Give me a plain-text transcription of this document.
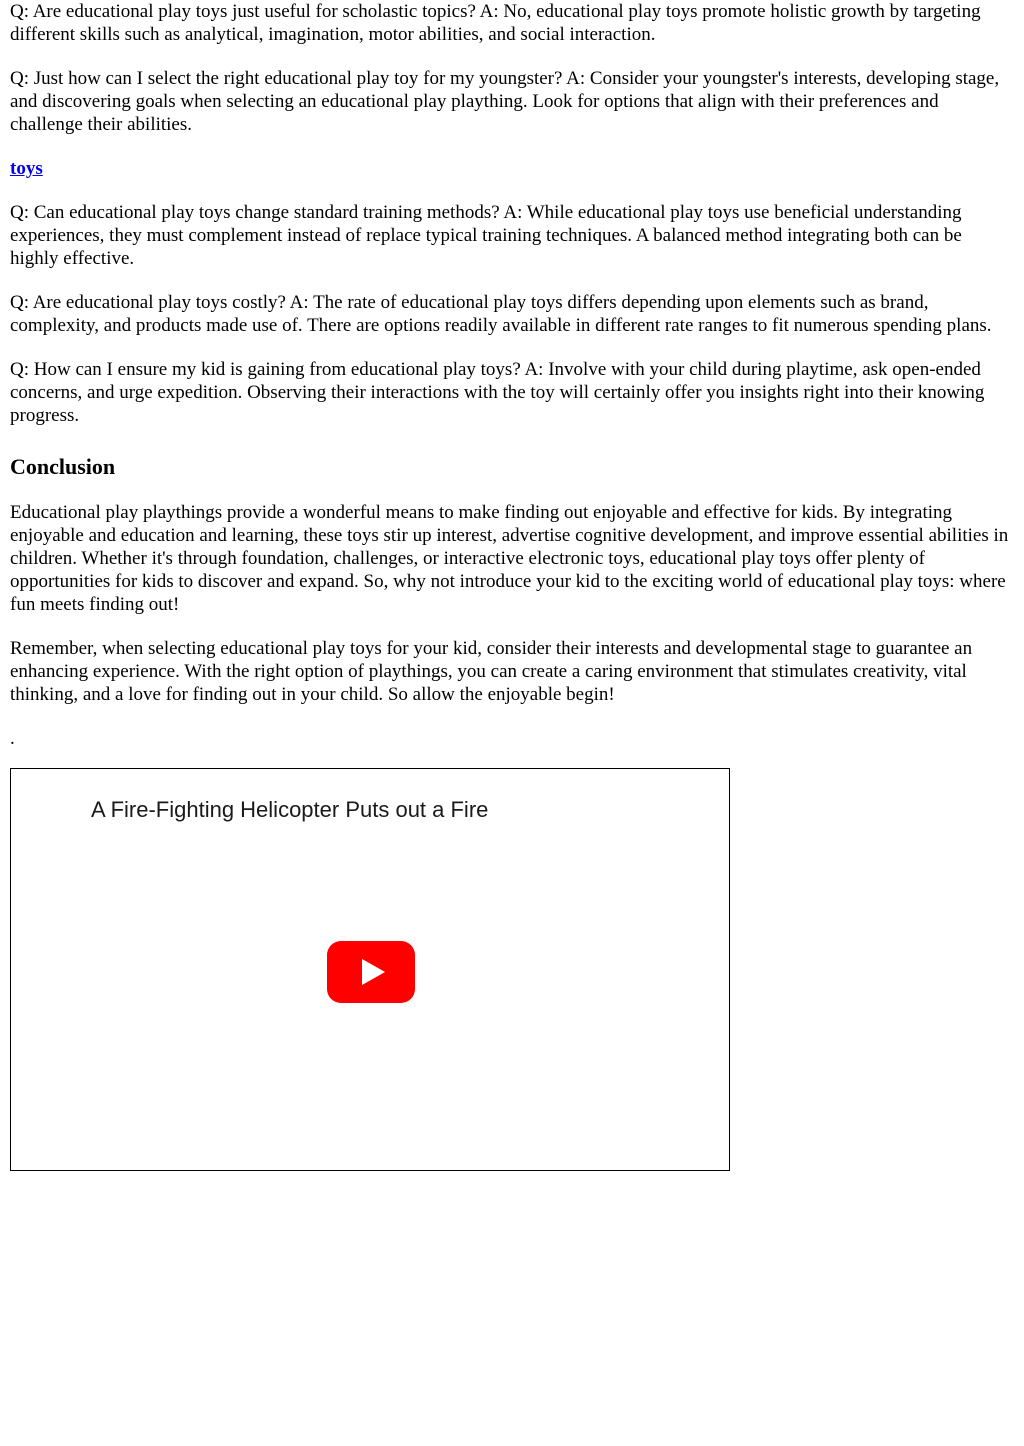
Q: Are educational play toys just useful for scholastic topics? A: No, educational play toys promote holistic growth by targeting different skills such as analytical, imagination, motor abilities, and social interaction.

Q: Just how can I select the right educational play toy for my youngster? A: Consider your youngster's interests, developing stage, and discovering goals when selecting an educational play plaything. Look for options that align with their preferences and challenge their abilities.

toys

Q: Can educational play toys change standard training methods? A: While educational play toys use beneficial understanding experiences, they must complement instead of replace typical training techniques. A balanced method integrating both can be highly effective.

Q: Are educational play toys costly? A: The rate of educational play toys differs depending upon elements such as brand, complexity, and products made use of. There are options readily available in different rate ranges to fit numerous spending plans.

Q: How can I ensure my kid is gaining from educational play toys? A: Involve with your child during playtime, ask open-ended concerns, and urge expedition. Observing their interactions with the toy will certainly offer you insights right into their knowing progress.

Conclusion

Educational play playthings provide a wonderful means to make finding out enjoyable and effective for kids. By integrating enjoyable and education and learning, these toys stir up interest, advertise cognitive development, and improve essential abilities in children. Whether it's through foundation, challenges, or interactive electronic toys, educational play toys offer plenty of opportunities for kids to discover and expand. So, why not introduce your kid to the exciting world of educational play toys: where fun meets finding out!

Remember, when selecting educational play toys for your kid, consider their interests and developmental stage to guarantee an enhancing experience. With the right option of playthings, you can create a caring environment that stimulates creativity, vital thinking, and a love for finding out in your child. So allow the enjoyable begin!

.
A Fire-Fighting Helicopter Puts out a Fire
